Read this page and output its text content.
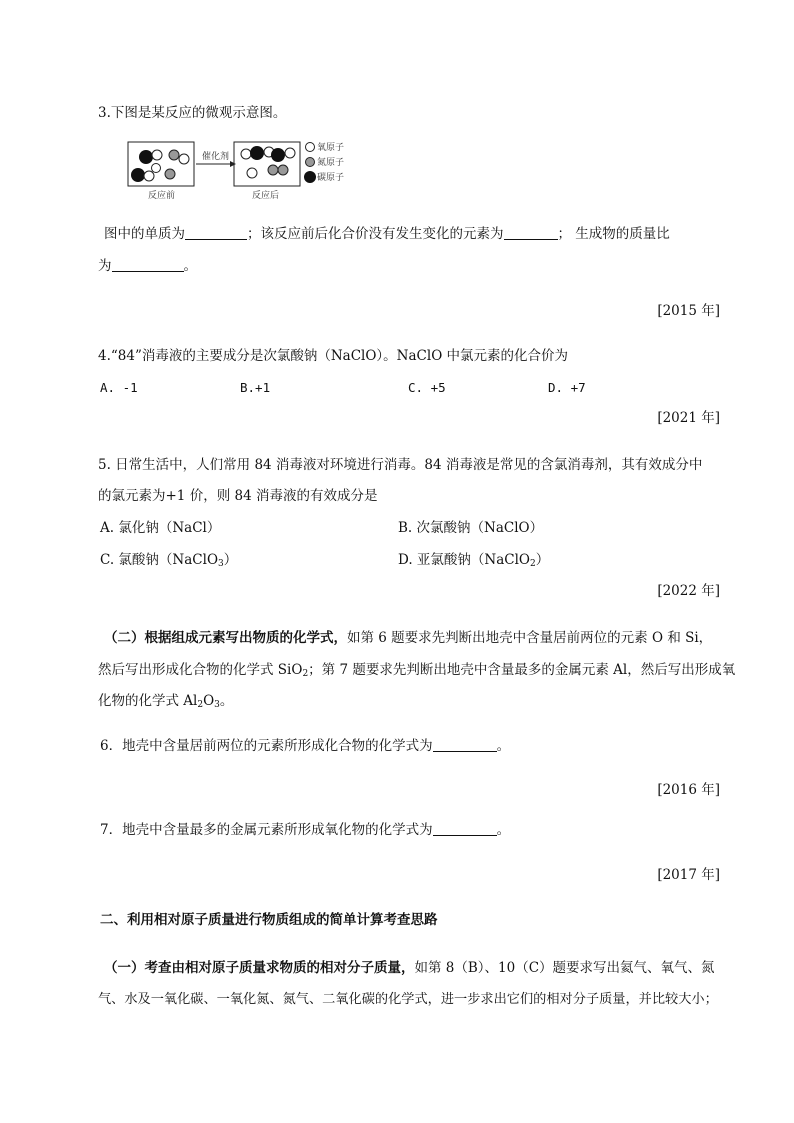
3.下图是某反应的微观示意图。
反应前
催化剂
反应后
氧原子
氮原子
碳原子
图中的单质为	；该反应前后化合价没有发生变化的元素为	； 生成物的质量比
为	。
[2015 年]
4.“84”消毒液的主要成分是次氯酸钠（NaClO）。NaClO 中氯元素的化合价为
A. -1	B.+1	C. +5	D. +7
[2021 年]
5. 日常生活中，人们常用 84 消毒液对环境进行消毒。84 消毒液是常见的含氯消毒剂，其有效成分中
的氯元素为+1 价，则 84 消毒液的有效成分是
A. 氯化钠（NaCl）	B. 次氯酸钠（NaClO）
C. 氯酸钠（NaClO$_3$）	D. 亚氯酸钠（NaClO$_2$）
[2022 年]
（二）根据组成元素写出物质的化学式，如第 6 题要求先判断出地壳中含量居前两位的元素 O 和 Si，
然后写出形成化合物的化学式 SiO$_2$；第 7 题要求先判断出地壳中含量最多的金属元素 Al，然后写出形成氧
化物的化学式 $Al_2O_3$。
6．地壳中含量居前两位的元素所形成化合物的化学式为	。
[2016 年]
7．地壳中含量最多的金属元素所形成氧化物的化学式为	。
[2017 年]
二、利用相对原子质量进行物质组成的简单计算考查思路
（一）考查由相对原子质量求物质的相对分子质量，如第 8（B）、10（C）题要求写出氦气、氧气、氮
气、水及一氧化碳、一氧化氮、氮气、二氧化碳的化学式，进一步求出它们的相对分子质量，并比较大小；
